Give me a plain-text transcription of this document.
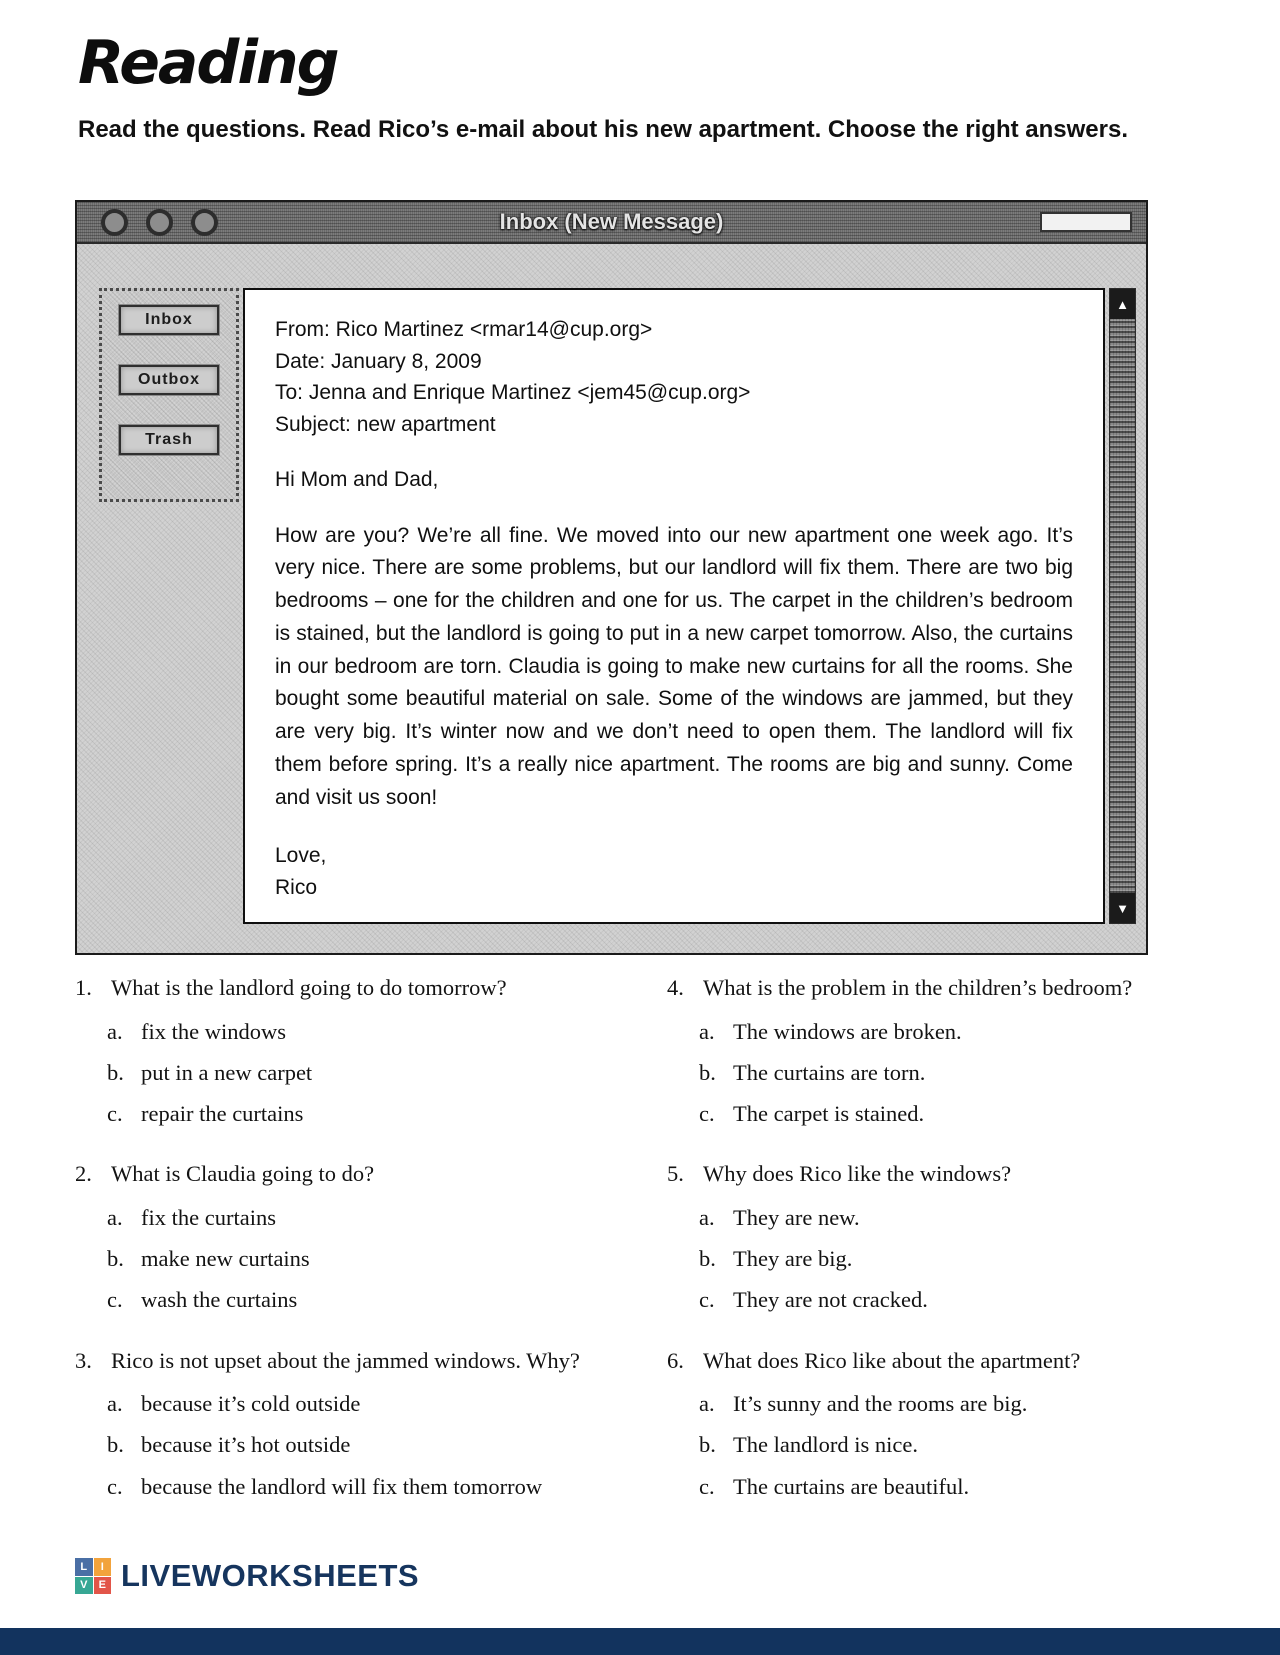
Reading

Read the questions. Read Rico’s e-mail about his new apartment. Choose the right answers.

Inbox (New Message)
Inbox
Outbox
Trash

From: Rico Martinez <rmar14@cup.org>

Date: January 8, 2009

To: Jenna and Enrique Martinez <jem45@cup.org>

Subject: new apartment

Hi Mom and Dad,

How are you? We’re all fine. We moved into our new apartment one week ago. It’s very nice. There are some problems, but our landlord will fix them. There are two big bedrooms – one for the children and one for us. The carpet in the children’s bedroom is stained, but the landlord is going to put in a new carpet tomorrow. Also, the curtains in our bedroom are torn. Claudia is going to make new curtains for all the rooms. She bought some beautiful material on sale. Some of the windows are jammed, but they are very big. It’s winter now and we don’t need to open them. The landlord will fix them before spring. It’s a really nice apartment. The rooms are big and sunny. Come and visit us soon!

Love,

Rico

▲
▼
1. What is the landlord going to do tomorrow?
a. fix the windows
b. put in a new carpet
c. repair the curtains
2. What is Claudia going to do?
a. fix the curtains
b. make new curtains
c. wash the curtains
3. Rico is not upset about the jammed windows. Why?
a. because it’s cold outside
b. because it’s hot outside
c. because the landlord will fix them tomorrow
4. What is the problem in the children’s bedroom?
a. The windows are broken.
b. The curtains are torn.
c. The carpet is stained.
5. Why does Rico like the windows?
a. They are new.
b. They are big.
c. They are not cracked.
6. What does Rico like about the apartment?
a. It’s sunny and the rooms are big.
b. The landlord is nice.
c. The curtains are beautiful.
L	I
V	E LIVEWORKSHEETS
